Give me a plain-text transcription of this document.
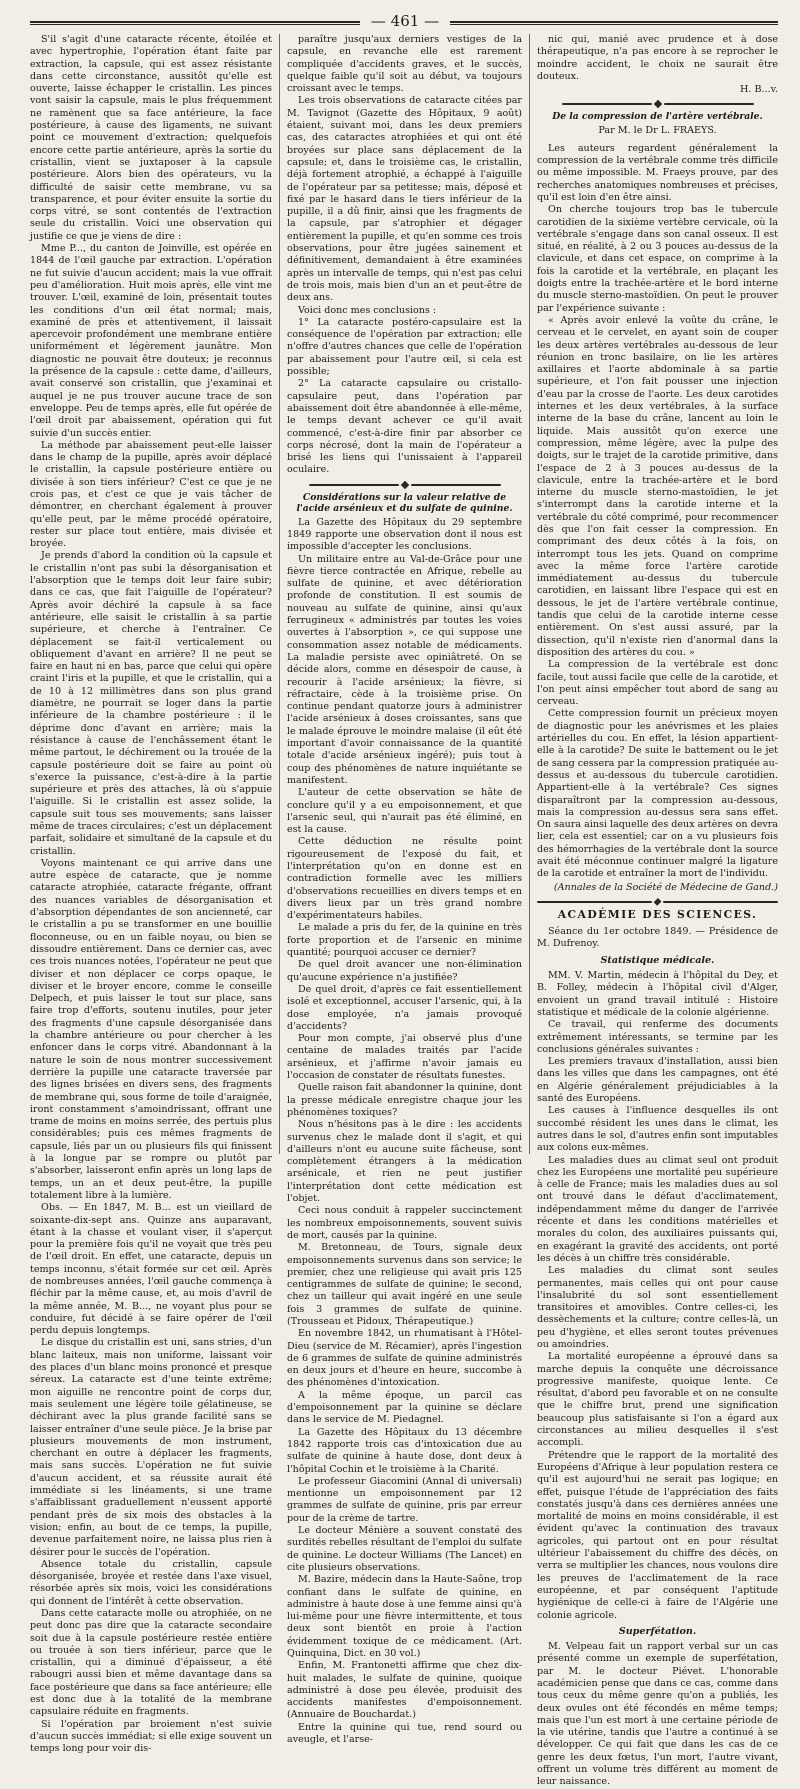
— 461 —

S'il s'agit d'une cataracte récente, étoilée et avec hypertrophie, l'opération étant faite par extraction, la capsule, qui est assez résistante dans cette circonstance, aussitôt qu'elle est ouverte, laisse échapper le cristallin. Les pinces vont saisir la capsule, mais le plus fréquemment ne ramènent que sa face antérieure, la face postérieure, à cause des ligaments, ne suivant point ce mouvement d'extraction; quelquefois encore cette partie antérieure, après la sortie du cristallin, vient se juxtaposer à la capsule postérieure. Alors bien des opérateurs, vu la difficulté de saisir cette membrane, vu sa transparence, et pour éviter ensuite la sortie du corps vitré, se sont contentés de l'extraction seule du cristallin. Voici une observation qui justifie ce que je viens de dire :

Mme P..., du canton de Joinville, est opérée en 1844 de l'œil gauche par extraction. L'opération ne fut suivie d'aucun accident; mais la vue offrait peu d'amélioration. Huit mois après, elle vint me trouver. L'œil, examiné de loin, présentait toutes les conditions d'un œil état normal; mais, examiné de près et attentivement, il laissait apercevoir profondément une membrane entière uniformément et légèrement jaunâtre. Mon diagnostic ne pouvait être douteux; je reconnus la présence de la capsule : cette dame, d'ailleurs, avait conservé son cristallin, que j'examinai et auquel je ne pus trouver aucune trace de son enveloppe. Peu de temps après, elle fut opérée de l'œil droit par abaissement, opération qui fut suivie d'un succès entier.

La méthode par abaissement peut-elle laisser dans le champ de la pupille, après avoir déplacé le cristallin, la capsule postérieure entière ou divisée à son tiers inférieur? C'est ce que je ne crois pas, et c'est ce que je vais tâcher de démontrer, en cherchant également à prouver qu'elle peut, par le même procédé opératoire, rester sur place tout entière, mais divisée et broyée.

Je prends d'abord la condition où la capsule et le cristallin n'ont pas subi la désorganisation et l'absorption que le temps doit leur faire subir; dans ce cas, que fait l'aiguille de l'opérateur? Après avoir déchiré la capsule à sa face antérieure, elle saisit le cristallin à sa partie supérieure, et cherche à l'entraîner. Ce déplacement se fait-il verticalement ou obliquement d'avant en arrière? Il ne peut se faire en haut ni en bas, parce que celui qui opère craint l'iris et la pupille, et que le cristallin, qui a de 10 à 12 millimètres dans son plus grand diamètre, ne pourrait se loger dans la partie inférieure de la chambre postérieure : il le déprime donc d'avant en arrière; mais la résistance à cause de l'enchâssement étant le même partout, le déchirement ou la trouée de la capsule postérieure doit se faire au point où s'exerce la puissance, c'est-à-dire à la partie supérieure et près des attaches, là où s'appuie l'aiguille. Si le cristallin est assez solide, la capsule suit tous ses mouvements; sans laisser même de traces circulaires; c'est un déplacement parfait, solidaire et simultané de la capsule et du cristallin.

Voyons maintenant ce qui arrive dans une autre espèce de cataracte, que je nomme cataracte atrophiée, cataracte frégante, offrant des nuances variables de désorganisation et d'absorption dépendantes de son ancienneté, car le cristallin a pu se transformer en une bouillie floconneuse, ou en un faible noyau, ou bien se dissoudre entièrement. Dans ce dernier cas, avec ces trois nuances notées, l'opérateur ne peut que diviser et non déplacer ce corps opaque, le diviser et le broyer encore, comme le conseille Delpech, et puis laisser le tout sur place, sans faire trop d'efforts, soutenu inutiles, pour jeter des fragments d'une capsule désorganisée dans la chambre antérieure ou pour chercher à les enfoncer dans le corps vitré. Abandonnant à la nature le soin de nous montrer successivement derrière la pupille une cataracte traversée par des lignes brisées en divers sens, des fragments de membrane qui, sous forme de toile d'araignée, iront constamment s'amoindrissant, offrant une trame de moins en moins serrée, des pertuis plus considérables; puis ces mêmes fragments de capsule, liés par un ou plusieurs fils qui finissent à la longue par se rompre ou plutôt par s'absorber, laisseront enfin après un long laps de temps, un an et deux peut-être, la pupille totalement libre à la lumière.

Obs. — En 1847, M. B... est un vieillard de soixante-dix-sept ans. Quinze ans auparavant, étant à la chasse et voulant viser, il s'aperçut pour la première fois qu'il ne voyait que très peu de l'œil droit. En effet, une cataracte, depuis un temps inconnu, s'était formée sur cet œil. Après de nombreuses années, l'œil gauche commença à fléchir par la même cause, et, au mois d'avril de la même année, M. B..., ne voyant plus pour se conduire, fut décidé à se faire opérer de l'œil perdu depuis longtemps.

Le disque du cristallin est uni, sans stries, d'un blanc laiteux, mais non uniforme, laissant voir des places d'un blanc moins prononcé et presque séreux. La cataracte est d'une teinte extrême; mon aiguille ne rencontre point de corps dur, mais seulement une légère toile gélatineuse, se déchirant avec la plus grande facilité sans se laisser entraîner d'une seule pièce. Je la brise par plusieurs mouvements de mon instrument, cherchant en outre à déplacer les fragments, mais sans succès. L'opération ne fut suivie d'aucun accident, et sa réussite aurait été immédiate si les linéaments, si une trame s'affaiblissant graduellement n'eussent apporté pendant près de six mois des obstacles à la vision; enfin, au bout de ce temps, la pupille, devenue parfaitement noire, ne laissa plus rien à désirer pour le succès de l'opération.

Absence totale du cristallin, capsule désorganisée, broyée et restée dans l'axe visuel, résorbée après six mois, voici les considérations qui donnent de l'intérêt à cette observation.

Dans cette cataracte molle ou atrophiée, on ne peut donc pas dire que la cataracte secondaire soit due à la capsule postérieure restée entière ou trouée à son tiers inférieur, parce que le cristallin, qui a diminué d'épaisseur, a été rabougri aussi bien et même davantage dans sa face postérieure que dans sa face antérieure; elle est donc due à la totalité de la membrane capsulaire réduite en fragments.

Si l'opération par broiement n'est suivie d'aucun succès immédiat; si elle exige souvent un temps long pour voir dis-

paraître jusqu'aux derniers vestiges de la capsule, en revanche elle est rarement compliquée d'accidents graves, et le succès, quelque faible qu'il soit au début, va toujours croissant avec le temps.

Les trois observations de cataracte citées par M. Tavignot (Gazette des Hôpitaux, 9 août) étaient, suivant moi, dans les deux premiers cas, des cataractes atrophiées et qui ont été broyées sur place sans déplacement de la capsule; et, dans le troisième cas, le cristallin, déjà fortement atrophié, a échappé à l'aiguille de l'opérateur par sa petitesse; mais, déposé et fixé par le hasard dans le tiers inférieur de la pupille, il a dû finir, ainsi que les fragments de la capsule, par s'atrophier et dégager entièrement la pupille, et qu'en somme ces trois observations, pour être jugées sainement et définitivement, demandaient à être examinées après un intervalle de temps, qui n'est pas celui de trois mois, mais bien d'un an et peut-être de deux ans.

Voici donc mes conclusions :

1° La cataracte postéro-capsulaire est la conséquence de l'opération par extraction; elle n'offre d'autres chances que celle de l'opération par abaissement pour l'autre œil, si cela est possible;

2° La cataracte capsulaire ou cristallo-capsulaire peut, dans l'opération par abaissement doit être abandonnée à elle-même, le temps devant achever ce qu'il avait commencé, c'est-à-dire finir par absorber ce corps nécrosé, dont la main de l'opérateur a brisé les liens qui l'unissaient à l'appareil oculaire.

Considérations sur la valeur relative de l'acide arsénieux et du sulfate de quinine.

La Gazette des Hôpitaux du 29 septembre 1849 rapporte une observation dont il nous est impossible d'accepter les conclusions.

Un militaire entre au Val-de-Grâce pour une fièvre tierce contractée en Afrique, rebelle au sulfate de quinine, et avec détérioration profonde de constitution. Il est soumis de nouveau au sulfate de quinine, ainsi qu'aux ferrugineux « administrés par toutes les voies ouvertes à l'absorption », ce qui suppose une consommation assez notable de médicaments. La maladie persiste avec opiniâtreté. On se décide alors, comme en désespoir de cause, à recourir à l'acide arsénieux; la fièvre, si réfractaire, cède à la troisième prise. On continue pendant quatorze jours à administrer l'acide arsénieux à doses croissantes, sans que le malade éprouve le moindre malaise (il eût été important d'avoir connaissance de la quantité totale d'acide arsénieux ingéré); puis tout à coup des phénomènes de nature inquiétante se manifestent.

L'auteur de cette observation se hâte de conclure qu'il y a eu empoisonnement, et que l'arsenic seul, qui n'aurait pas été éliminé, en est la cause.

Cette déduction ne résulte point rigoureusement de l'exposé du fait, et l'interprétation qu'on en donne est en contradiction formelle avec les milliers d'observations recueillies en divers temps et en divers lieux par un très grand nombre d'expérimentateurs habiles.

Le malade a pris du fer, de la quinine en très forte proportion et de l'arsenic en minime quantité; pourquoi accuser ce dernier?

De quel droit avancer une non-élimination qu'aucune expérience n'a justifiée?

De quel droit, d'après ce fait essentiellement isolé et exceptionnel, accuser l'arsenic, qui, à la dose employée, n'a jamais provoqué d'accidents?

Pour mon compte, j'ai observé plus d'une centaine de malades traités par l'acide arsénieux, et j'affirme n'avoir jamais eu l'occasion de constater de résultats funestes.

Quelle raison fait abandonner la quinine, dont la presse médicale enregistre chaque jour les phénomènes toxiques?

Nous n'hésitons pas à le dire : les accidents survenus chez le malade dont il s'agit, et qui d'ailleurs n'ont eu aucune suite fâcheuse, sont complètement étrangers à la médication arsénicale, et rien ne peut justifier l'interprétation dont cette médication est l'objet.

Ceci nous conduit à rappeler succinctement les nombreux empoisonnements, souvent suivis de mort, causés par la quinine.

M. Bretonneau, de Tours, signale deux empoisonnements survenus dans son service; le premier, chez une religieuse qui avait pris 125 centigrammes de sulfate de quinine; le second, chez un tailleur qui avait ingéré en une seule fois 3 grammes de sulfate de quinine. (Trousseau et Pidoux, Thérapeutique.)

En novembre 1842, un rhumatisant à l'Hôtel-Dieu (service de M. Récamier), après l'ingestion de 6 grammes de sulfate de quinine administrés en deux jours et d'heure en heure, succombe à des phénomènes d'intoxication.

A la même époque, un parcil cas d'empoisonnement par la quinine se déclare dans le service de M. Piedagnel.

La Gazette des Hôpitaux du 13 décembre 1842 rapporte trois cas d'intoxication due au sulfate de quinine à haute dose, dont deux à l'hôpital Cochin et le troisième à la Charité.

Le professeur Giacomini (Annal di universali) mentionne un empoisonnement par 12 grammes de sulfate de quinine, pris par erreur pour de la crème de tartre.

Le docteur Ménière a souvent constaté des surdités rebelles résultant de l'emploi du sulfate de quinine. Le docteur Williams (The Lancet) en cite plusieurs observations.

M. Bazire, médecin dans la Haute-Saône, trop confiant dans le sulfate de quinine, en administre à haute dose à une femme ainsi qu'à lui-même pour une fièvre intermittente, et tous deux sont bientôt en proie à l'action évidemment toxique de ce médicament. (Art. Quinquina, Dict. en 30 vol.)

Enfin, M. Frantonetti affirme que chez dix-huit malades, le sulfate de quinine, quoique administré à dose peu élevée, produisit des accidents manifestes d'empoisonnement. (Annuaire de Bouchardat.)

Entre la quinine qui tue, rend sourd ou aveugle, et l'arse-

nic qui, manié avec prudence et à dose thérapeutique, n'a pas encore à se reprocher le moindre accident, le choix ne saurait être douteux.

H. B...v.
De la compression de l'artère vertébrale.
Par M. le Dr L. FRAEYS.

Les auteurs regardent généralement la compression de la vertébrale comme très difficile ou même impossible. M. Fraeys prouve, par des recherches anatomiques nombreuses et précises, qu'il est loin d'en être ainsi.

On cherche toujours trop bas le tubercule carotidien de la sixième vertèbre cervicale, où la vertébrale s'engage dans son canal osseux. Il est situé, en réalité, à 2 ou 3 pouces au-dessus de la clavicule, et dans cet espace, on comprime à la fois la carotide et la vertébrale, en plaçant les doigts entre la trachée-artère et le bord interne du muscle sterno-mastoïdien. On peut le prouver par l'expérience suivante :

« Après avoir enlevé la voûte du crâne, le cerveau et le cervelet, en ayant soin de couper les deux artères vertébrales au-dessous de leur réunion en tronc basilaire, on lie les artères axillaires et l'aorte abdominale à sa partie supérieure, et l'on fait pousser une injection d'eau par la crosse de l'aorte. Les deux carotides internes et les deux vertébrales, à la surface interne de la base du crâne, lancent au loin le liquide. Mais aussitôt qu'on exerce une compression, même légère, avec la pulpe des doigts, sur le trajet de la carotide primitive, dans l'espace de 2 à 3 pouces au-dessus de la clavicule, entre la trachée-artère et le bord interne du muscle sterno-mastoïdien, le jet s'interrompt dans la carotide interne et la vertébrale du côté comprimé, pour recommencer dès que l'on fait cesser la compression. En comprimant des deux côtés à la fois, on interrompt tous les jets. Quand on comprime avec la même force l'artère carotide immédiatement au-dessus du tubercule carotidien, en laissant libre l'espace qui est en dessous, le jet de l'artère vertébrale continue, tandis que celui de la carotide interne cesse entièrement. On s'est aussi assuré, par la dissection, qu'il n'existe rien d'anormal dans la disposition des artères du cou. »

La compression de la vertébrale est donc facile, tout aussi facile que celle de la carotide, et l'on peut ainsi empêcher tout abord de sang au cerveau.

Cette compression fournit un précieux moyen de diagnostic pour les anévrismes et les plaies artérielles du cou. En effet, la lésion appartient-elle à la carotide? De suite le battement ou le jet de sang cessera par la compression pratiquée au-dessus et au-dessous du tubercule carotidien. Appartient-elle à la vertébrale? Ces signes disparaîtront par la compression au-dessous, mais la compression au-dessus sera sans effet. On saura ainsi laquelle des deux artères on devra lier, cela est essentiel; car on a vu plusieurs fois des hémorrhagies de la vertébrale dont la source avait été méconnue continuer malgré la ligature de la carotide et entraîner la mort de l'individu.

(Annales de la Société de Médecine de Gand.)
ACADÉMIE DES SCIENCES.

Séance du 1er octobre 1849. — Présidence de M. Dufrenoy.

Statistique médicale.

MM. V. Martin, médecin à l'hôpital du Dey, et B. Folley, médecin à l'hôpital civil d'Alger, envoient un grand travail intitulé : Histoire statistique et médicale de la colonie algérienne.

Ce travail, qui renferme des documents extrêmement intéressants, se termine par les conclusions générales suivantes :

Les premiers travaux d'installation, aussi bien dans les villes que dans les campagnes, ont été en Algérie généralement préjudiciables à la santé des Européens.

Les causes à l'influence desquelles ils ont succombé résident les unes dans le climat, les autres dans le sol, d'autres enfin sont imputables aux colons eux-mêmes.

Les maladies dues au climat seul ont produit chez les Européens une mortalité peu supérieure à celle de France; mais les maladies dues au sol ont trouvé dans le défaut d'acclimatement, indépendamment même du danger de l'arrivée récente et dans les conditions matérielles et morales du colon, des auxiliaires puissants qui, en exagérant la gravité des accidents, ont porté les décès à un chiffre très considérable.

Les maladies du climat sont seules permanentes, mais celles qui ont pour cause l'insalubrité du sol sont essentiellement transitoires et amovibles. Contre celles-ci, les dessèchements et la culture; contre celles-là, un peu d'hygiène, et elles seront toutes prévenues ou amoindries.

La mortalité européenne a éprouvé dans sa marche depuis la conquête une décroissance progressive manifeste, quoique lente. Ce résultat, d'abord peu favorable et on ne consulte que le chiffre brut, prend une signification beaucoup plus satisfaisante si l'on a égard aux circonstances au milieu desquelles il s'est accompli.

Prétendre que le rapport de la mortalité des Européens d'Afrique à leur population restera ce qu'il est aujourd'hui ne serait pas logique; en effet, puisque l'étude de l'appréciation des faits constatés jusqu'à dans ces dernières années une mortalité de moins en moins considérable, il est évident qu'avec la continuation des travaux agricoles, qui partout ont en pour résultat ultérieur l'abaissement du chiffre des décès, on verra se multiplier les chances, nous voulons dire les preuves de l'acclimatement de la race européenne, et par conséquent l'aptitude hygiénique de celle-ci à faire de l'Algérie une colonie agricole.

Superfétation.

M. Velpeau fait un rapport verbal sur un cas présenté comme un exemple de superfétation, par M. le docteur Piévet. L'honorable académicien pense que dans ce cas, comme dans tous ceux du même genre qu'on a publiés, les deux ovules ont été fécondés en même temps; mais que l'un est mort à une certaine période de la vie utérine, tandis que l'autre a continué à se développer. Ce qui fait que dans les cas de ce genre les deux fœtus, l'un mort, l'autre vivant, offrent un volume très différent au moment de leur naissance.
